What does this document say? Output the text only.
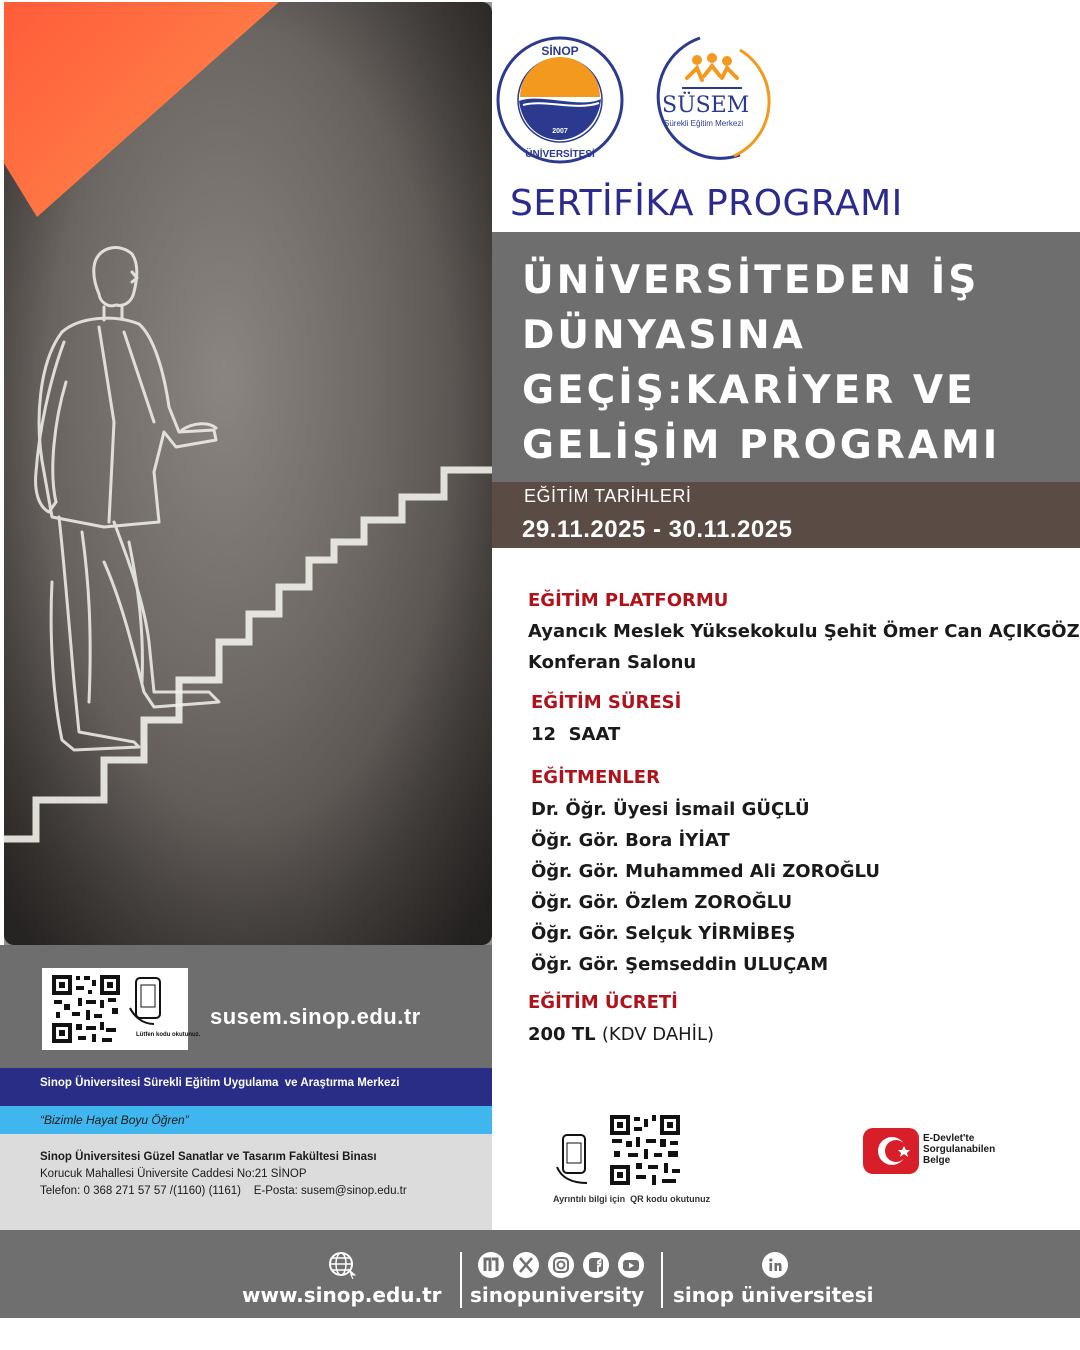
SİNOP
2007
ÜNİVERSİTESİ
SÜSEM
Sürekli Eğitim Merkezi
SERTİFİKA PROGRAMI
ÜNİVERSİTEDEN İŞ
DÜNYASINA
GEÇİŞ:KARİYER VE
GELİŞİM PROGRAMI
EĞİTİM TARİHLERİ
29.11.2025 - 30.11.2025
EĞİTİM PLATFORMU
Ayancık Meslek Yüksekokulu Şehit Ömer Can AÇIKGÖZ
Konferan Salonu
EĞİTİM SÜRESİ
12  SAAT
EĞİTMENLER
Dr. Öğr. Üyesi İsmail GÜÇLÜ
Öğr. Gör. Bora İYİAT
Öğr. Gör. Muhammed Ali ZOROĞLU
Öğr. Gör. Özlem ZOROĞLU
Öğr. Gör. Selçuk YİRMİBEŞ
Öğr. Gör. Şemseddin ULUÇAM
EĞİTİM ÜCRETİ
200 TL (KDV DAHİL)
Lütfen kodu okutunuz.
susem.sinop.edu.tr
Sinop Üniversitesi Sürekli Eğitim Uygulama  ve Araştırma Merkezi
“Bizimle Hayat Boyu Öğren”
Sinop Üniversitesi Güzel Sanatlar ve Tasarım Fakültesi Binası
Korucuk Mahallesi Üniversite Caddesi No:21 SİNOP
Telefon: 0 368 271 57 57 /(1160) (1161)    E-Posta: susem@sinop.edu.tr
Ayrıntılı bilgi için  QR kodu okutunuz
E-Devlet'te Sorgulanabilen Belge
www.sinop.edu.tr sinopuniversity sinop üniversitesi
